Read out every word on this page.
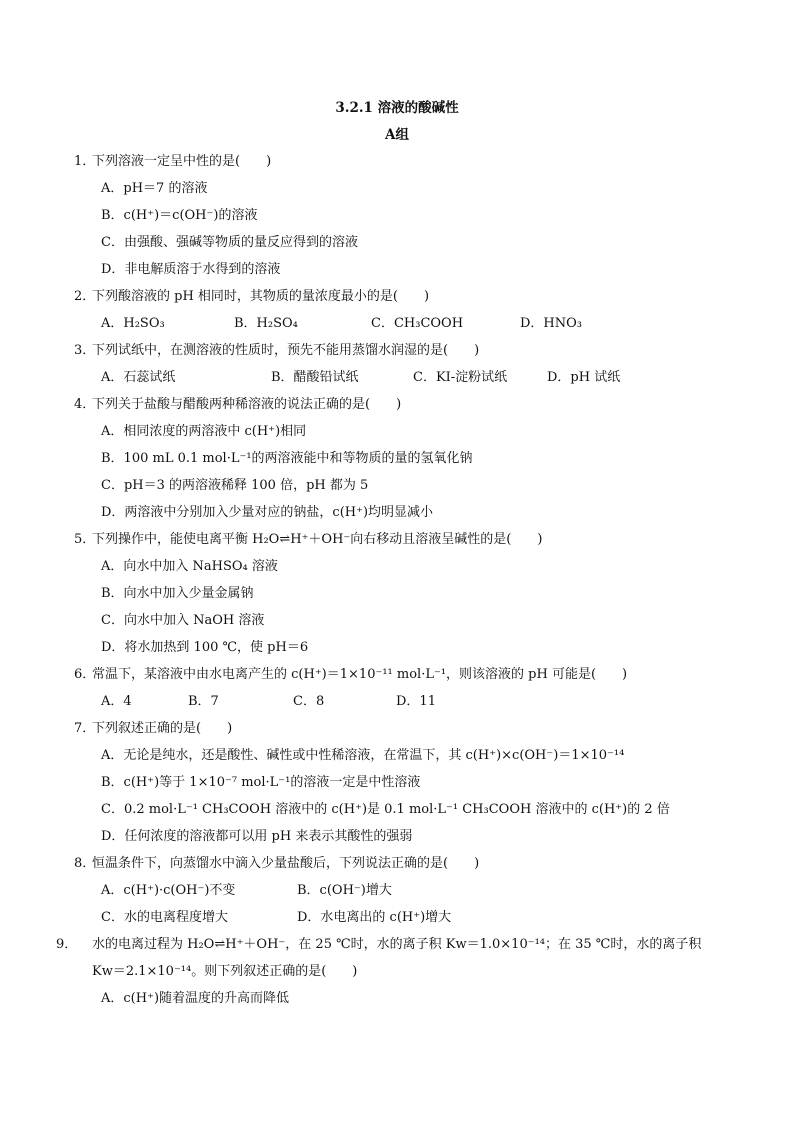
3.2.1 溶液的酸碱性
A组
1．下列溶液一定呈中性的是(　　)
A．pH＝7 的溶液
B．c(H⁺)＝c(OH⁻)的溶液
C．由强酸、强碱等物质的量反应得到的溶液
D．非电解质溶于水得到的溶液
2．下列酸溶液的 pH 相同时，其物质的量浓度最小的是(　　)
A．H₂SO₃	B．H₂SO₄	C．CH₃COOH	D．HNO₃
3．下列试纸中，在测溶液的性质时，预先不能用蒸馏水润湿的是(　　)
A．石蕊试纸	B．醋酸铅试纸	C．KI-淀粉试纸	D．pH 试纸
4．下列关于盐酸与醋酸两种稀溶液的说法正确的是(　　)
A．相同浓度的两溶液中 c(H⁺)相同
B．100 mL 0.1 mol·L⁻¹的两溶液能中和等物质的量的氢氧化钠
C．pH＝3 的两溶液稀释 100 倍，pH 都为 5
D．两溶液中分别加入少量对应的钠盐，c(H⁺)均明显减小
5．下列操作中，能使电离平衡 H₂O⇌H⁺＋OH⁻向右移动且溶液呈碱性的是(　　)
A．向水中加入 NaHSO₄ 溶液
B．向水中加入少量金属钠
C．向水中加入 NaOH 溶液
D．将水加热到 100 ℃，使 pH＝6
6．常温下，某溶液中由水电离产生的 c(H⁺)＝1×10⁻¹¹ mol·L⁻¹，则该溶液的 pH 可能是(　　)
A．4	B．7	C．8	D．11
7．下列叙述正确的是(　　)
A．无论是纯水，还是酸性、碱性或中性稀溶液，在常温下，其 c(H⁺)×c(OH⁻)＝1×10⁻¹⁴
B．c(H⁺)等于 1×10⁻⁷ mol·L⁻¹的溶液一定是中性溶液
C．0.2 mol·L⁻¹ CH₃COOH 溶液中的 c(H⁺)是 0.1 mol·L⁻¹ CH₃COOH 溶液中的 c(H⁺)的 2 倍
D．任何浓度的溶液都可以用 pH 来表示其酸性的强弱
8．恒温条件下，向蒸馏水中滴入少量盐酸后，下列说法正确的是(　　)
A．c(H⁺)·c(OH⁻)不变	B．c(OH⁻)增大
C．水的电离程度增大	D．水电离出的 c(H⁺)增大
9． 水的电离过程为 H₂O⇌H⁺＋OH⁻，在 25 ℃时，水的离子积 Kw＝1.0×10⁻¹⁴；在 35 ℃时，水的离子积 Kw＝2.1×10⁻¹⁴。则下列叙述正确的是(　　)
A．c(H⁺)随着温度的升高而降低
